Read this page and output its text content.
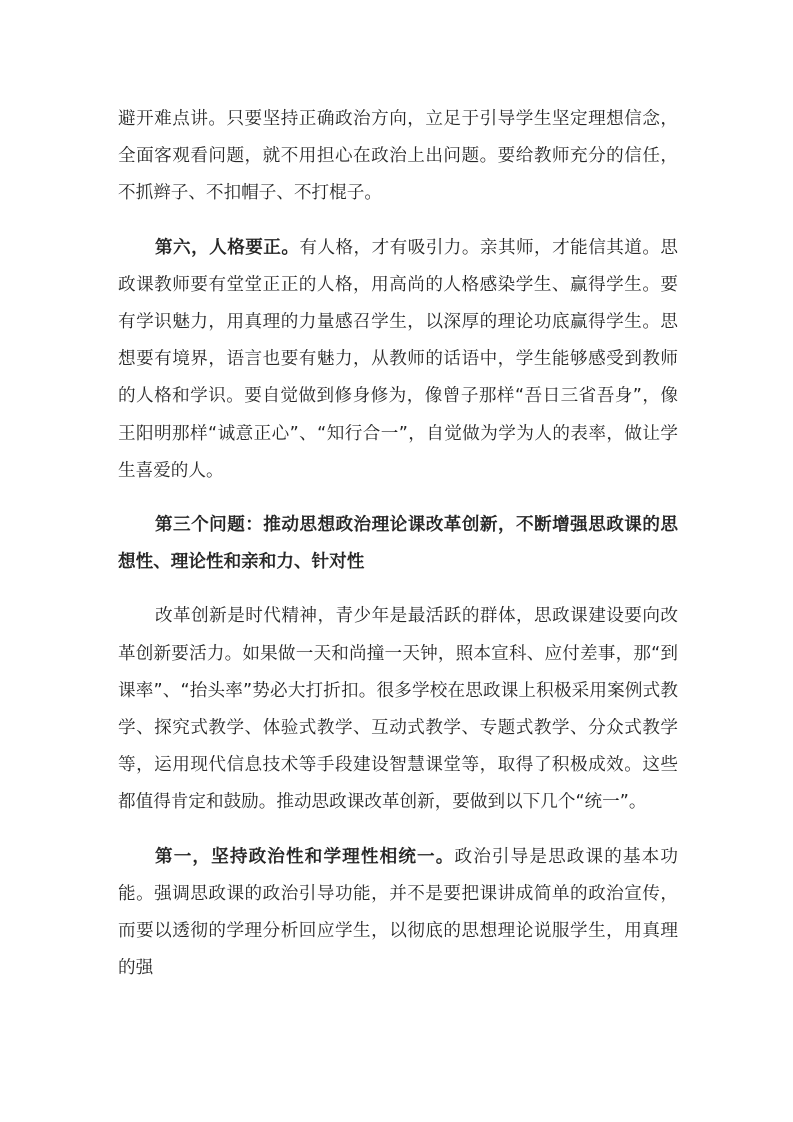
避开难点讲。只要坚持正确政治方向，立足于引导学生坚定理想信念，全面客观看问题，就不用担心在政治上出问题。要给教师充分的信任，不抓辫子、不扣帽子、不打棍子。

第六，人格要正。有人格，才有吸引力。亲其师，才能信其道。思政课教师要有堂堂正正的人格，用高尚的人格感染学生、赢得学生。要有学识魅力，用真理的力量感召学生，以深厚的理论功底赢得学生。思想要有境界，语言也要有魅力，从教师的话语中，学生能够感受到教师的人格和学识。要自觉做到修身修为，像曾子那样“吾日三省吾身”，像王阳明那样“诚意正心”、“知行合一”，自觉做为学为人的表率，做让学生喜爱的人。

第三个问题：推动思想政治理论课改革创新，不断增强思政课的思想性、理论性和亲和力、针对性

改革创新是时代精神，青少年是最活跃的群体，思政课建设要向改革创新要活力。如果做一天和尚撞一天钟，照本宣科、应付差事，那“到课率”、“抬头率”势必大打折扣。很多学校在思政课上积极采用案例式教学、探究式教学、体验式教学、互动式教学、专题式教学、分众式教学等，运用现代信息技术等手段建设智慧课堂等，取得了积极成效。这些都值得肯定和鼓励。推动思政课改革创新，要做到以下几个“统一”。

第一，坚持政治性和学理性相统一。政治引导是思政课的基本功能。强调思政课的政治引导功能，并不是要把课讲成简单的政治宣传，而要以透彻的学理分析回应学生，以彻底的思想理论说服学生，用真理的强
